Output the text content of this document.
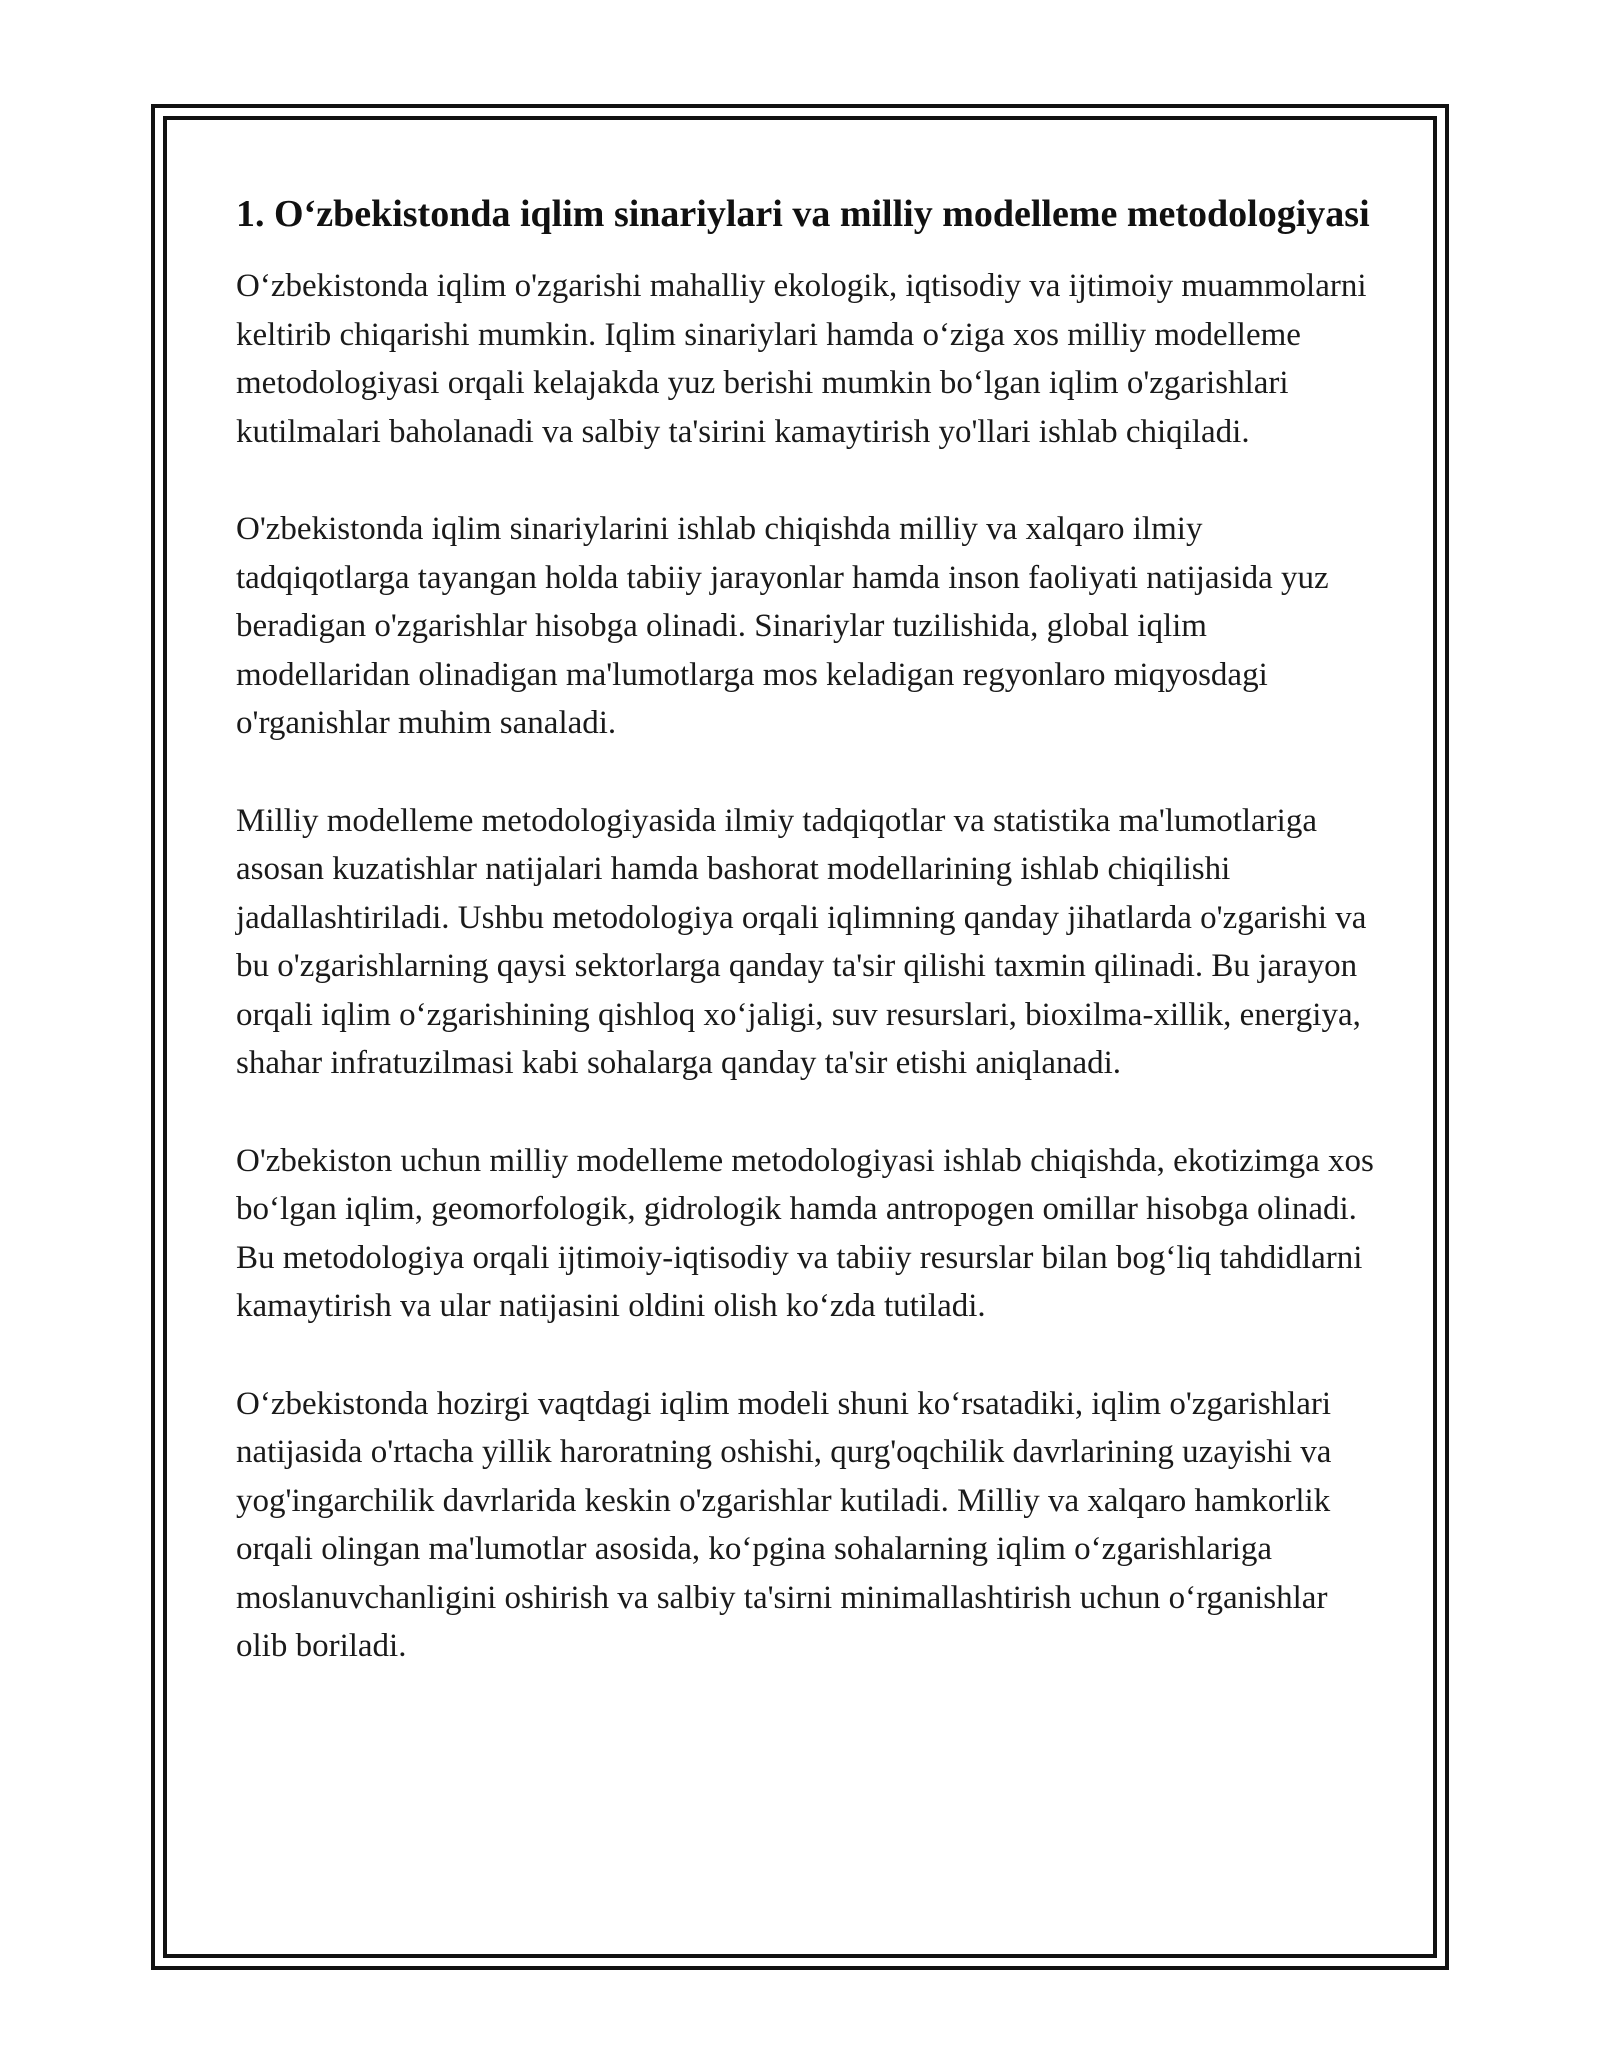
1. O‘zbekistonda iqlim sinariylari va milliy modelleme metodologiyasi

O‘zbekistonda iqlim o'zgarishi mahalliy ekologik, iqtisodiy va ijtimoiy muammolarni keltirib chiqarishi mumkin. Iqlim sinariylari hamda o‘ziga xos milliy modelleme metodologiyasi orqali kelajakda yuz berishi mumkin bo‘lgan iqlim o'zgarishlari kutilmalari baholanadi va salbiy ta'sirini kamaytirish yo'llari ishlab chiqiladi.

O'zbekistonda iqlim sinariylarini ishlab chiqishda milliy va xalqaro ilmiy tadqiqotlarga tayangan holda tabiiy jarayonlar hamda inson faoliyati natijasida yuz beradigan o'zgarishlar hisobga olinadi. Sinariylar tuzilishida, global iqlim modellaridan olinadigan ma'lumotlarga mos keladigan regyonlaro miqyosdagi o'rganishlar muhim sanaladi.

Milliy modelleme metodologiyasida ilmiy tadqiqotlar va statistika ma'lumotlariga asosan kuzatishlar natijalari hamda bashorat modellarining ishlab chiqilishi jadallashtiriladi. Ushbu metodologiya orqali iqlimning qanday jihatlarda o'zgarishi va bu o'zgarishlarning qaysi sektorlarga qanday ta'sir qilishi taxmin qilinadi. Bu jarayon orqali iqlim o‘zgarishining qishloq xo‘jaligi, suv resurslari, bioxilma-xillik, energiya, shahar infratuzilmasi kabi sohalarga qanday ta'sir etishi aniqlanadi.

O'zbekiston uchun milliy modelleme metodologiyasi ishlab chiqishda, ekotizimga xos bo‘lgan iqlim, geomorfologik, gidrologik hamda antropogen omillar hisobga olinadi. Bu metodologiya orqali ijtimoiy-iqtisodiy va tabiiy resurslar bilan bog‘liq tahdidlarni kamaytirish va ular natijasini oldini olish ko‘zda tutiladi.

O‘zbekistonda hozirgi vaqtdagi iqlim modeli shuni ko‘rsatadiki, iqlim o'zgarishlari natijasida o'rtacha yillik haroratning oshishi, qurg'oqchilik davrlarining uzayishi va yog'ingarchilik davrlarida keskin o'zgarishlar kutiladi. Milliy va xalqaro hamkorlik orqali olingan ma'lumotlar asosida, ko‘pgina sohalarning iqlim o‘zgarishlariga moslanuvchanligini oshirish va salbiy ta'sirni minimallashtirish uchun o‘rganishlar olib boriladi.
